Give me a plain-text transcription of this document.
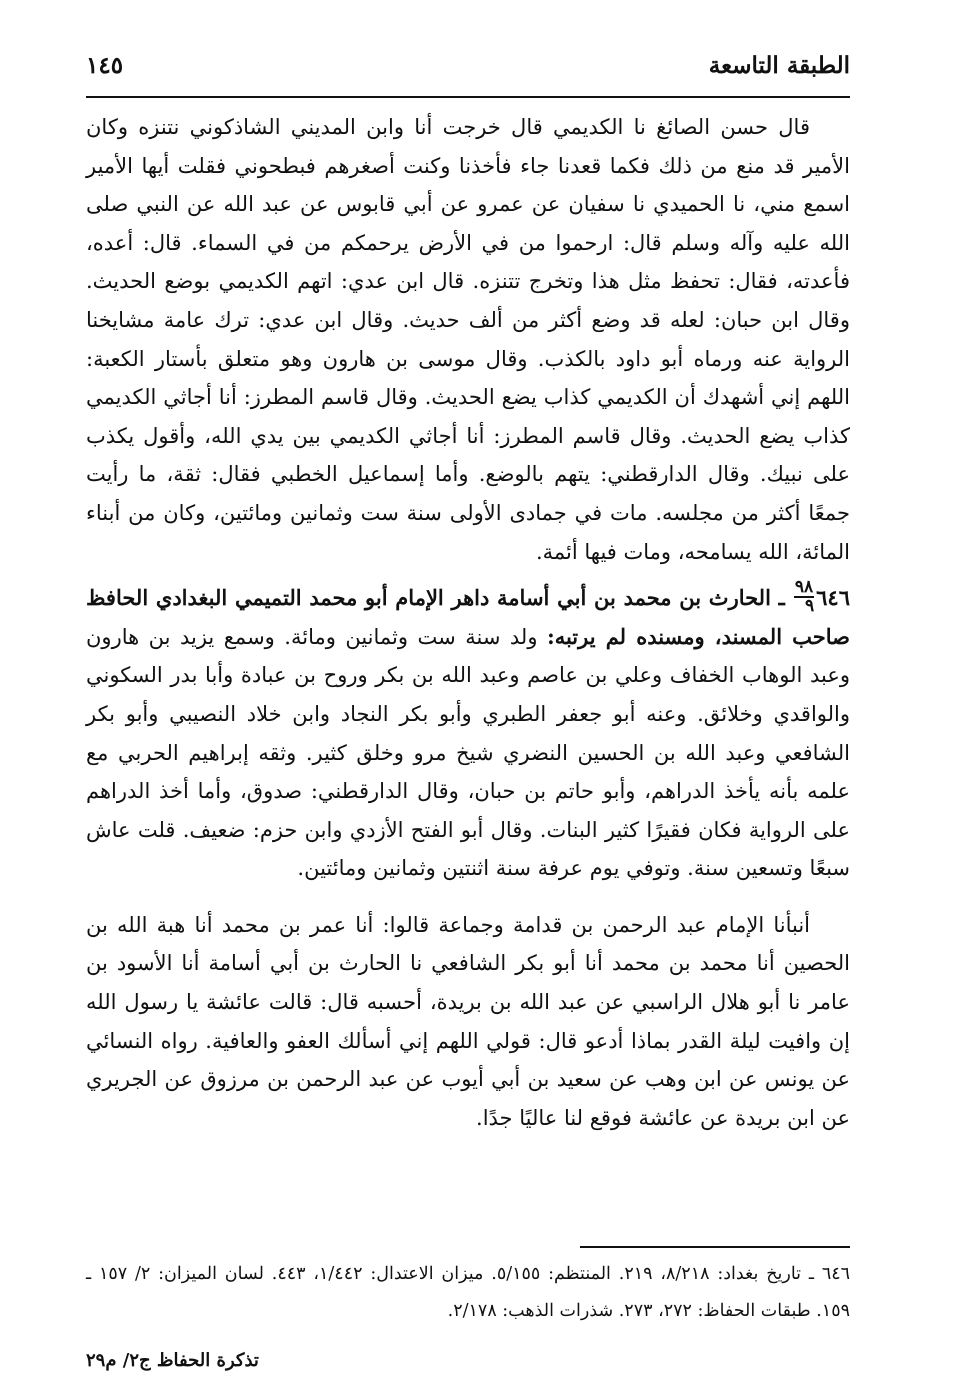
الطبقة التاسعة
١٤٥

قال حسن الصائغ نا الكديمي قال خرجت أنا وابن المديني الشاذكوني نتنزه وكان الأمير قد منع من ذلك فكما قعدنا جاء فأخذنا وكنت أصغرهم فبطحوني فقلت أيها الأمير اسمع مني، نا الحميدي نا سفيان عن عمرو عن أبي قابوس عن عبد الله عن النبي صلى الله عليه وآله وسلم قال: ارحموا من في الأرض يرحمكم من في السماء. قال: أعده، فأعدته، فقال: تحفظ مثل هذا وتخرج تتنزه. قال ابن عدي: اتهم الكديمي بوضع الحديث. وقال ابن حبان: لعله قد وضع أكثر من ألف حديث. وقال ابن عدي: ترك عامة مشايخنا الرواية عنه ورماه أبو داود بالكذب. وقال موسى بن هارون وهو متعلق بأستار الكعبة: اللهم إني أشهدك أن الكديمي كذاب يضع الحديث. وقال قاسم المطرز: أنا أجاثي الكديمي كذاب يضع الحديث. وقال قاسم المطرز: أنا أجاثي الكديمي بين يدي الله، وأقول يكذب على نبيك. وقال الدارقطني: يتهم بالوضع. وأما إسماعيل الخطبي فقال: ثقة، ما رأيت جمعًا أكثر من مجلسه. مات في جمادى الأولى سنة ست وثمانين ومائتين، وكان من أبناء المائة، الله يسامحه، ومات فيها أئمة.

٦٤٦
$\frac{٩٨}{٩}$
ـ الحارث بن محمد بن أبي أسامة داهر الإمام أبو محمد التميمي البغدادي الحافظ صاحب المسند، ومسنده لم يرتبه: ولد سنة ست وثمانين ومائة. وسمع يزيد بن هارون وعبد الوهاب الخفاف وعلي بن عاصم وعبد الله بن بكر وروح بن عبادة وأبا بدر السكوني والواقدي وخلائق. وعنه أبو جعفر الطبري وأبو بكر النجاد وابن خلاد النصيبي وأبو بكر الشافعي وعبد الله بن الحسين النضري شيخ مرو وخلق كثير. وثقه إبراهيم الحربي مع علمه بأنه يأخذ الدراهم، وأبو حاتم بن حبان، وقال الدارقطني: صدوق، وأما أخذ الدراهم على الرواية فكان فقيرًا كثير البنات. وقال أبو الفتح الأزدي وابن حزم: ضعيف. قلت عاش سبعًا وتسعين سنة. وتوفي يوم عرفة سنة اثنتين وثمانين ومائتين.

أنبأنا الإمام عبد الرحمن بن قدامة وجماعة قالوا: أنا عمر بن محمد أنا هبة الله بن الحصين أنا محمد بن محمد أنا أبو بكر الشافعي نا الحارث بن أبي أسامة أنا الأسود بن عامر نا أبو هلال الراسبي عن عبد الله بن بريدة، أحسبه قال: قالت عائشة يا رسول الله إن وافيت ليلة القدر بماذا أدعو قال: قولي اللهم إني أسألك العفو والعافية. رواه النسائي عن يونس عن ابن وهب عن سعيد بن أبي أيوب عن عبد الرحمن بن مرزوق عن الجريري عن ابن بريدة عن عائشة فوقع لنا عاليًا جدًا.

٦٤٦ ـ تاريخ بغداد: ٨/٢١٨، ٢١٩. المنتظم: ٥/١٥٥. ميزان الاعتدال: ١/٤٤٢، ٤٤٣. لسان الميزان: ٢/ ١٥٧ ـ ١٥٩. طبقات الحفاظ: ٢٧٢، ٢٧٣. شذرات الذهب: ٢/١٧٨.

تذكرة الحفاظ ج٢/ م٢٩
